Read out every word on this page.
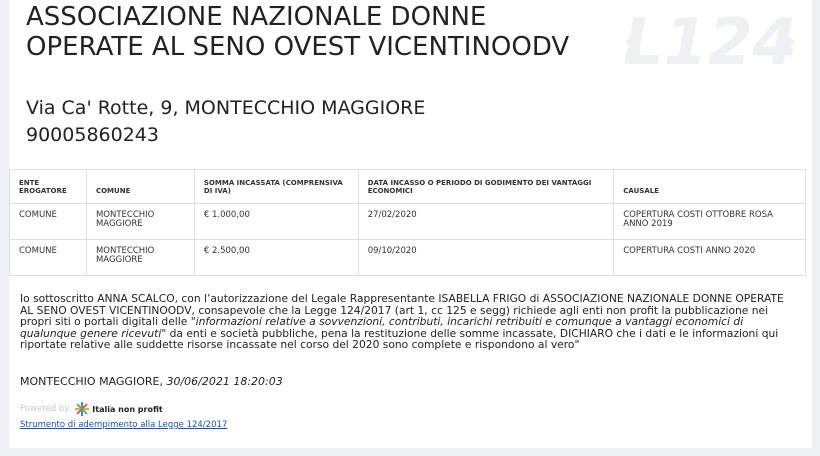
L124
ASSOCIAZIONE NAZIONALE DONNE OPERATE AL SENO OVEST VICENTINOODV
Via Ca' Rotte, 9, MONTECCHIO MAGGIORE
90005860243
ENTE EROGATORE	COMUNE	SOMMA INCASSATA (COMPRENSIVA DI IVA)	DATA INCASSO O PERIODO DI GODIMENTO DEI VANTAGGI ECONOMICI	CAUSALE
COMUNE	MONTECCHIO MAGGIORE	€ 1.000,00	27/02/2020	COPERTURA COSTI OTTOBRE ROSA ANNO 2019
COMUNE	MONTECCHIO MAGGIORE	€ 2.500,00	09/10/2020	COPERTURA COSTI ANNO 2020

Io sottoscritto ANNA SCALCO, con l’autorizzazione del Legale Rappresentante ISABELLA FRIGO di ASSOCIAZIONE NAZIONALE DONNE OPERATE AL SENO OVEST VICENTINOODV, consapevole che la Legge 124/2017 (art 1, cc 125 e segg) richiede agli enti non profit la pubblicazione nei propri siti o portali digitali delle "informazioni relative a sovvenzioni, contributi, incarichi retribuiti e comunque a vantaggi economici di qualunque genere ricevuti" da enti e società pubbliche, pena la restituzione delle somme incassate, DICHIARO che i dati e le informazioni qui riportate relative alle suddette risorse incassate nel corso del 2020 sono complete e rispondono al vero"

MONTECCHIO MAGGIORE, 30/06/2021 18:20:03
Powered by	Italia non profit
Strumento di adempimento alla Legge 124/2017
